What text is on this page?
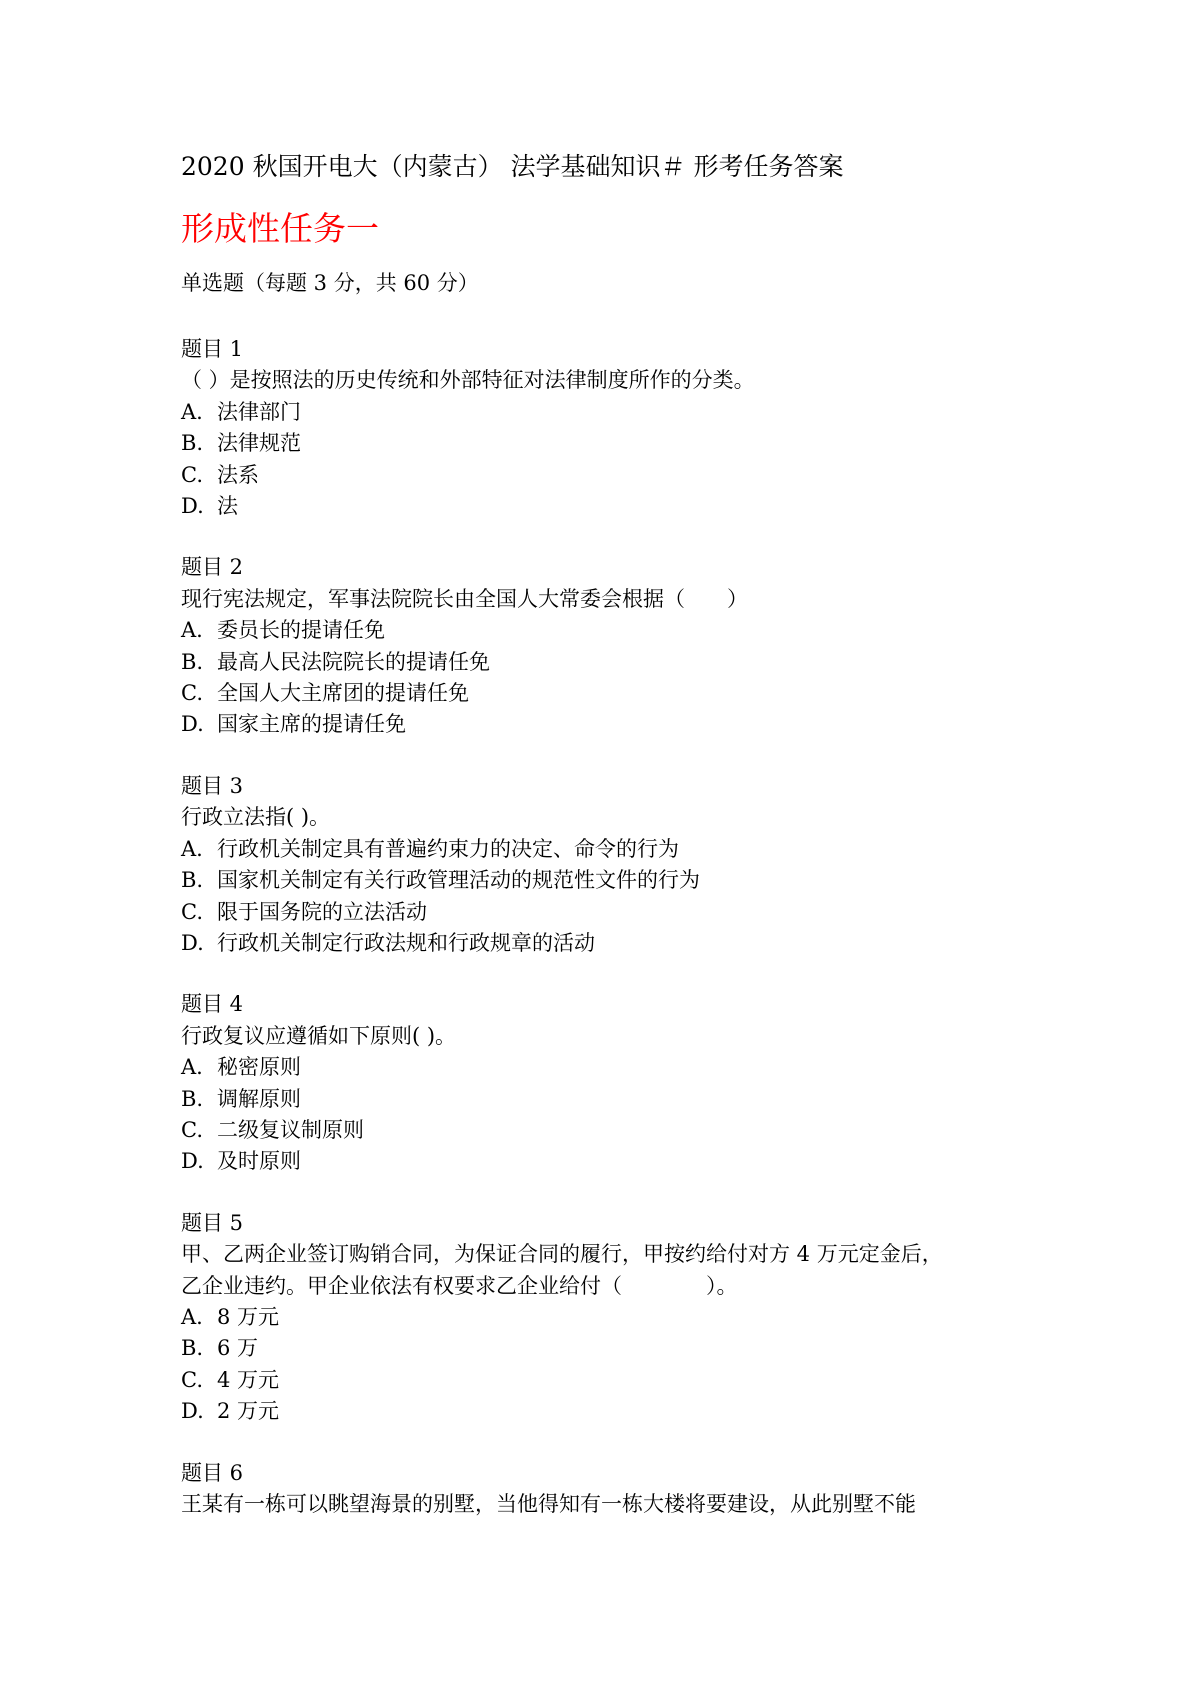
2020 秋国开电大（内蒙古） 法学基础知识＃ 形考任务答案
形成性任务一
单选题（每题 3 分，共 60 分）
题目 1
（ ）是按照法的历史传统和外部特征对法律制度所作的分类。
A. 法律部门
B. 法律规范
C. 法系
D. 法
题目 2
现行宪法规定，军事法院院长由全国人大常委会根据（　　）
A. 委员长的提请任免
B. 最高人民法院院长的提请任免
C. 全国人大主席团的提请任免
D. 国家主席的提请任免
题目 3
行政立法指( )。
A. 行政机关制定具有普遍约束力的决定、命令的行为
B. 国家机关制定有关行政管理活动的规范性文件的行为
C. 限于国务院的立法活动
D. 行政机关制定行政法规和行政规章的活动
题目 4
行政复议应遵循如下原则( )。
A. 秘密原则
B. 调解原则
C. 二级复议制原则
D. 及时原则
题目 5
甲、乙两企业签订购销合同，为保证合同的履行，甲按约给付对方 4 万元定金后，
乙企业违约。甲企业依法有权要求乙企业给付（　　　　）。
A. 8 万元
B. 6 万
C. 4 万元
D. 2 万元
题目 6
王某有一栋可以眺望海景的别墅，当他得知有一栋大楼将要建设，从此别墅不能
